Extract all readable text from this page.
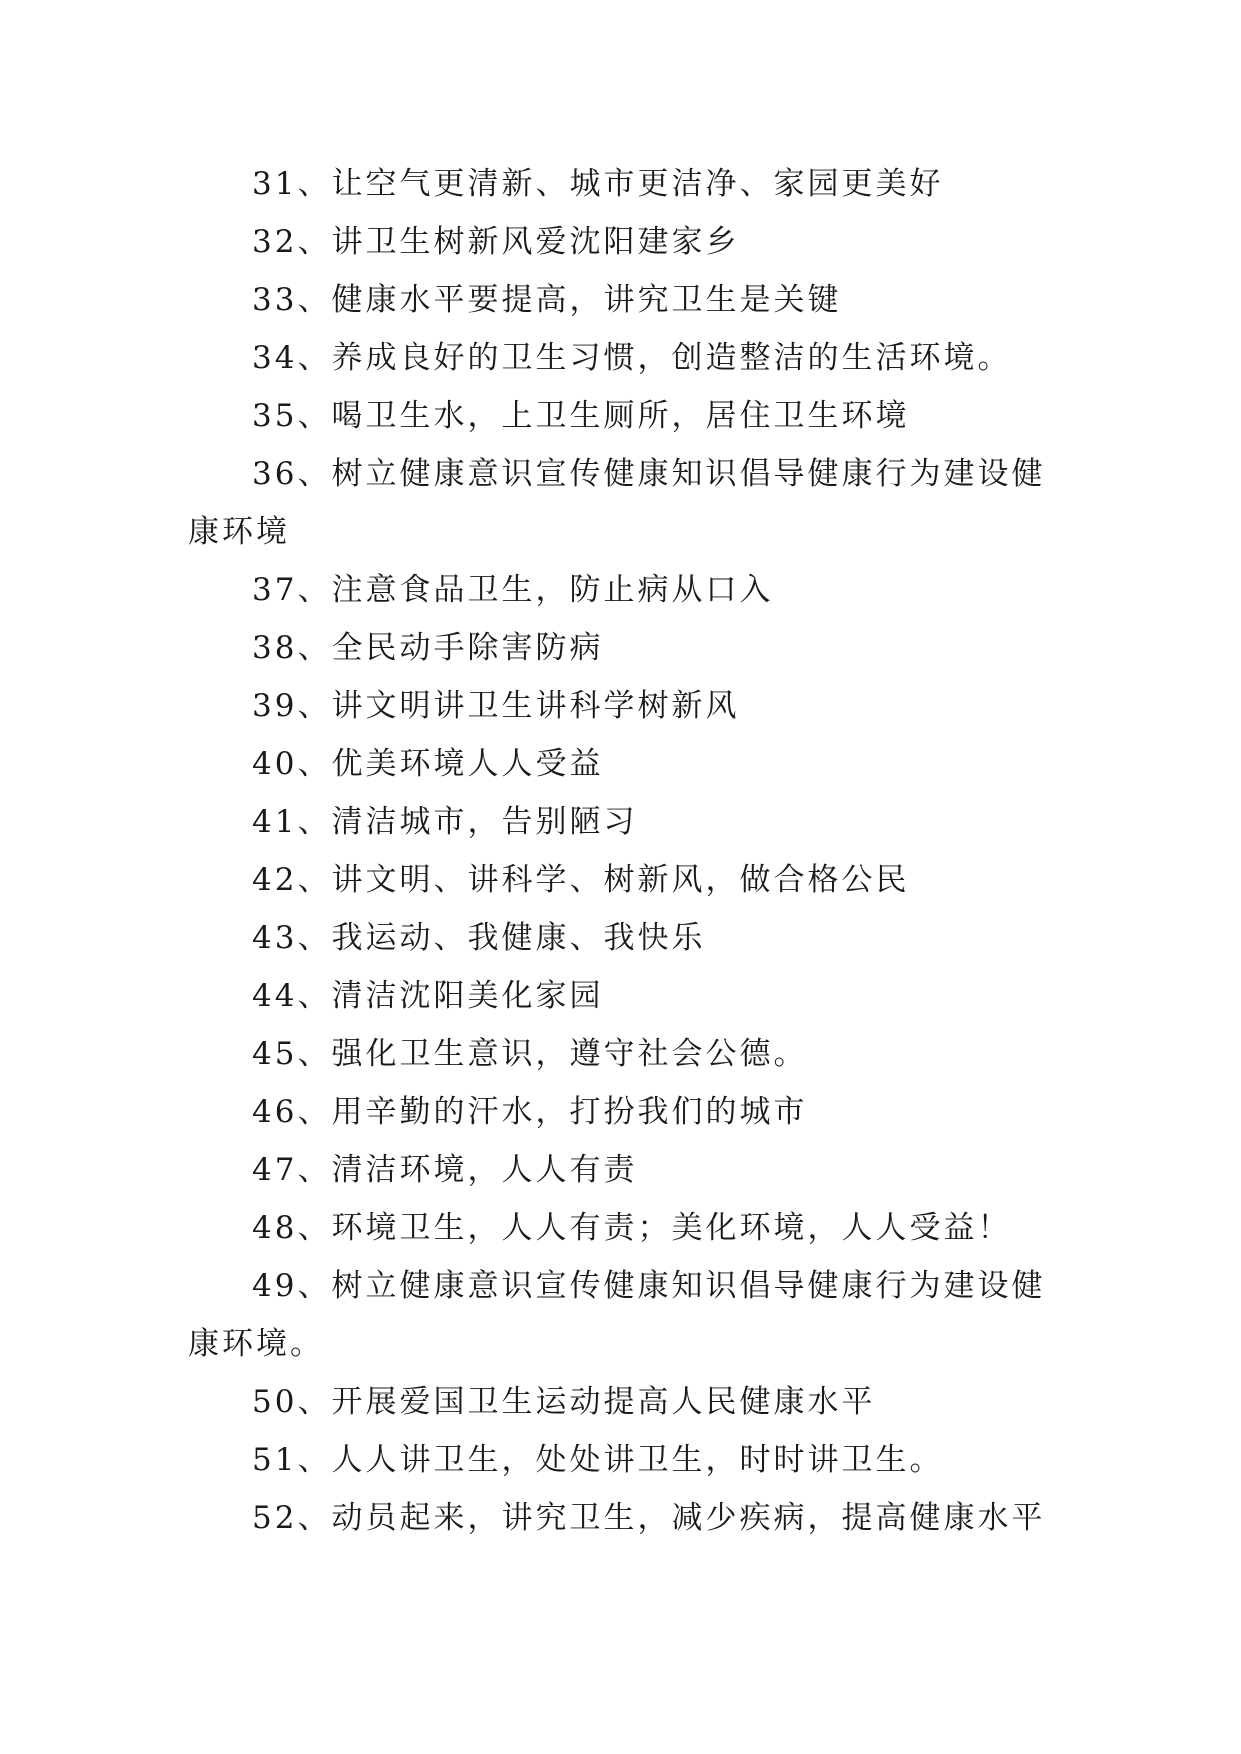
31、让空气更清新、城市更洁净、家园更美好

32、讲卫生树新风爱沈阳建家乡

33、健康水平要提高，讲究卫生是关键

34、养成良好的卫生习惯，创造整洁的生活环境。

35、喝卫生水，上卫生厕所，居住卫生环境

36、树立健康意识宣传健康知识倡导健康行为建设健康环境

37、注意食品卫生，防止病从口入

38、全民动手除害防病

39、讲文明讲卫生讲科学树新风

40、优美环境人人受益

41、清洁城市，告别陋习

42、讲文明、讲科学、树新风，做合格公民

43、我运动、我健康、我快乐

44、清洁沈阳美化家园

45、强化卫生意识，遵守社会公德。

46、用辛勤的汗水，打扮我们的城市

47、清洁环境，人人有责

48、环境卫生，人人有责；美化环境，人人受益！

49、树立健康意识宣传健康知识倡导健康行为建设健康环境。

50、开展爱国卫生运动提高人民健康水平

51、人人讲卫生，处处讲卫生，时时讲卫生。

52、动员起来，讲究卫生，减少疾病，提高健康水平
